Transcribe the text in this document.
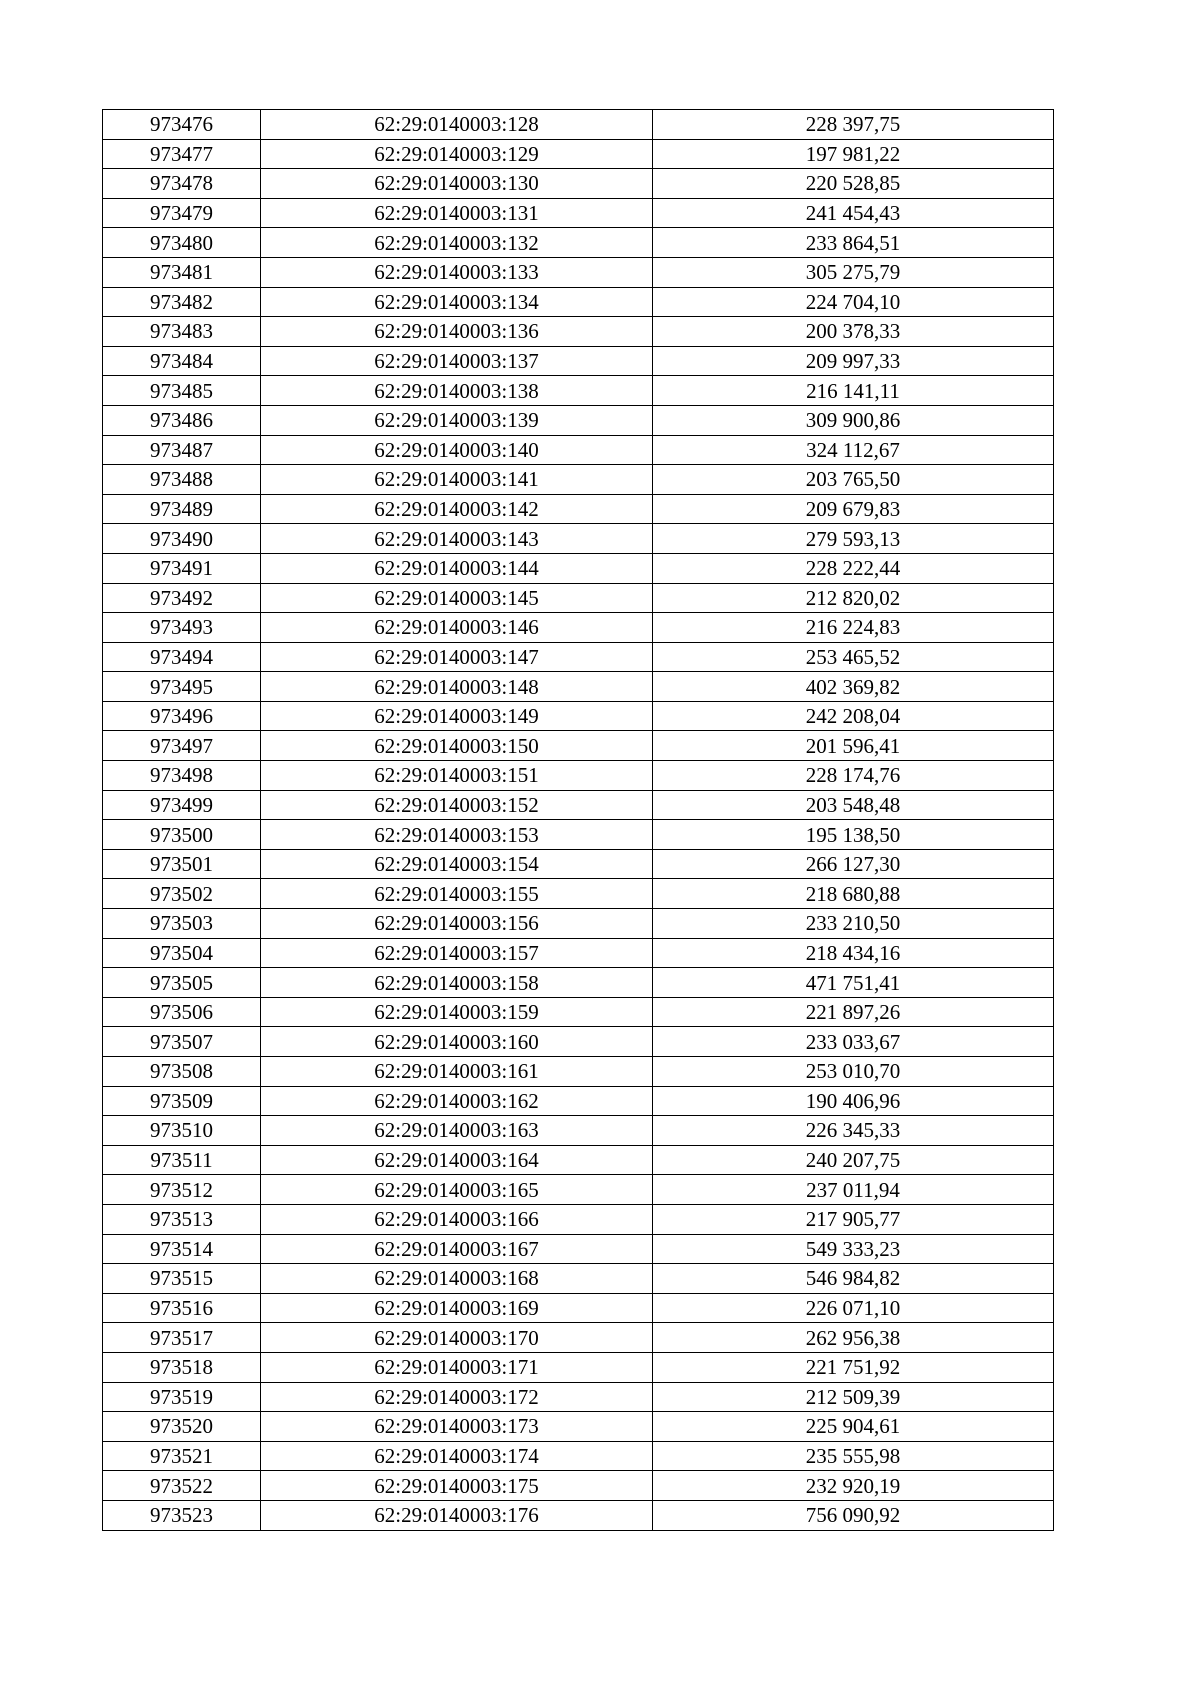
973476	62:29:0140003:128	228 397,75
973477	62:29:0140003:129	197 981,22
973478	62:29:0140003:130	220 528,85
973479	62:29:0140003:131	241 454,43
973480	62:29:0140003:132	233 864,51
973481	62:29:0140003:133	305 275,79
973482	62:29:0140003:134	224 704,10
973483	62:29:0140003:136	200 378,33
973484	62:29:0140003:137	209 997,33
973485	62:29:0140003:138	216 141,11
973486	62:29:0140003:139	309 900,86
973487	62:29:0140003:140	324 112,67
973488	62:29:0140003:141	203 765,50
973489	62:29:0140003:142	209 679,83
973490	62:29:0140003:143	279 593,13
973491	62:29:0140003:144	228 222,44
973492	62:29:0140003:145	212 820,02
973493	62:29:0140003:146	216 224,83
973494	62:29:0140003:147	253 465,52
973495	62:29:0140003:148	402 369,82
973496	62:29:0140003:149	242 208,04
973497	62:29:0140003:150	201 596,41
973498	62:29:0140003:151	228 174,76
973499	62:29:0140003:152	203 548,48
973500	62:29:0140003:153	195 138,50
973501	62:29:0140003:154	266 127,30
973502	62:29:0140003:155	218 680,88
973503	62:29:0140003:156	233 210,50
973504	62:29:0140003:157	218 434,16
973505	62:29:0140003:158	471 751,41
973506	62:29:0140003:159	221 897,26
973507	62:29:0140003:160	233 033,67
973508	62:29:0140003:161	253 010,70
973509	62:29:0140003:162	190 406,96
973510	62:29:0140003:163	226 345,33
973511	62:29:0140003:164	240 207,75
973512	62:29:0140003:165	237 011,94
973513	62:29:0140003:166	217 905,77
973514	62:29:0140003:167	549 333,23
973515	62:29:0140003:168	546 984,82
973516	62:29:0140003:169	226 071,10
973517	62:29:0140003:170	262 956,38
973518	62:29:0140003:171	221 751,92
973519	62:29:0140003:172	212 509,39
973520	62:29:0140003:173	225 904,61
973521	62:29:0140003:174	235 555,98
973522	62:29:0140003:175	232 920,19
973523	62:29:0140003:176	756 090,92
